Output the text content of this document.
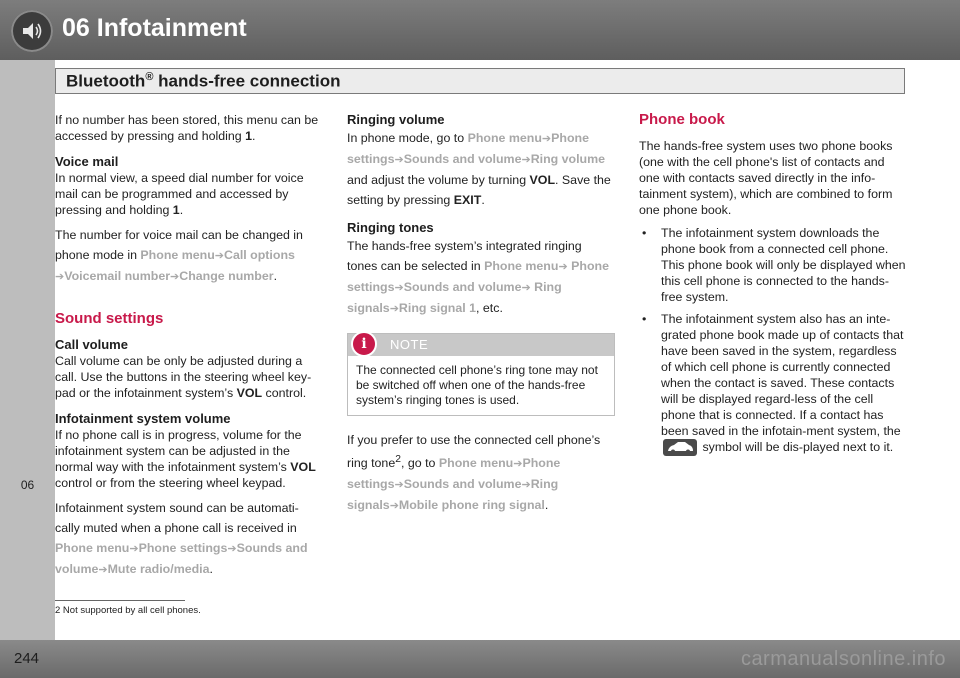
06 Infotainment
Bluetooth® hands-free connection
06

If no number has been stored, this menu can be accessed by pressing and holding 1.

Voice mail

In normal view, a speed dial number for voice mail can be programmed and accessed by pressing and holding 1.

The number for voice mail can be changed in phone mode in Phone menu➔Call options ➔Voicemail number➔Change number.

Sound settings
Call volume

Call volume can be only be adjusted during a call. Use the buttons in the steering wheel key-pad or the infotainment system’s VOL control.

Infotainment system volume

If no phone call is in progress, volume for the infotainment system can be adjusted in the normal way with the infotainment system’s VOL control or from the steering wheel keypad.

Infotainment system sound can be automati-cally muted when a phone call is received in Phone menu➔Phone settings➔Sounds and volume➔Mute radio/media.

Ringing volume

In phone mode, go to Phone menu➔Phone settings➔Sounds and volume➔Ring volume and adjust the volume by turning VOL. Save the setting by pressing EXIT.

Ringing tones

The hands-free system’s integrated ringing tones can be selected in Phone menu➔ Phone settings➔Sounds and volume➔ Ring signals➔Ring signal 1, etc.

i	NOTE
The connected cell phone’s ring tone may not be switched off when one of the hands-free system’s ringing tones is used.

If you prefer to use the connected cell phone’s ring tone$^2$, go to Phone menu➔Phone settings➔Sounds and volume➔Ring signals➔Mobile phone ring signal.

Phone book

The hands-free system uses two phone books (one with the cell phone's list of contacts and one with contacts saved directly in the info-tainment system), which are combined to form one phone book.

• The infotainment system downloads the phone book from a connected cell phone. This phone book will only be displayed when this cell phone is connected to the hands-free system.
• The infotainment system also has an inte-grated phone book made up of contacts that have been saved in the system, regardless of which cell phone is currently connected when the contact is saved. These contacts will be displayed regard-less of the cell phone that is connected. If a contact has been saved in the infotain-ment system, the
symbol will be dis-played next to it.
2 Not supported by all cell phones.
244	carmanualsonline.info
